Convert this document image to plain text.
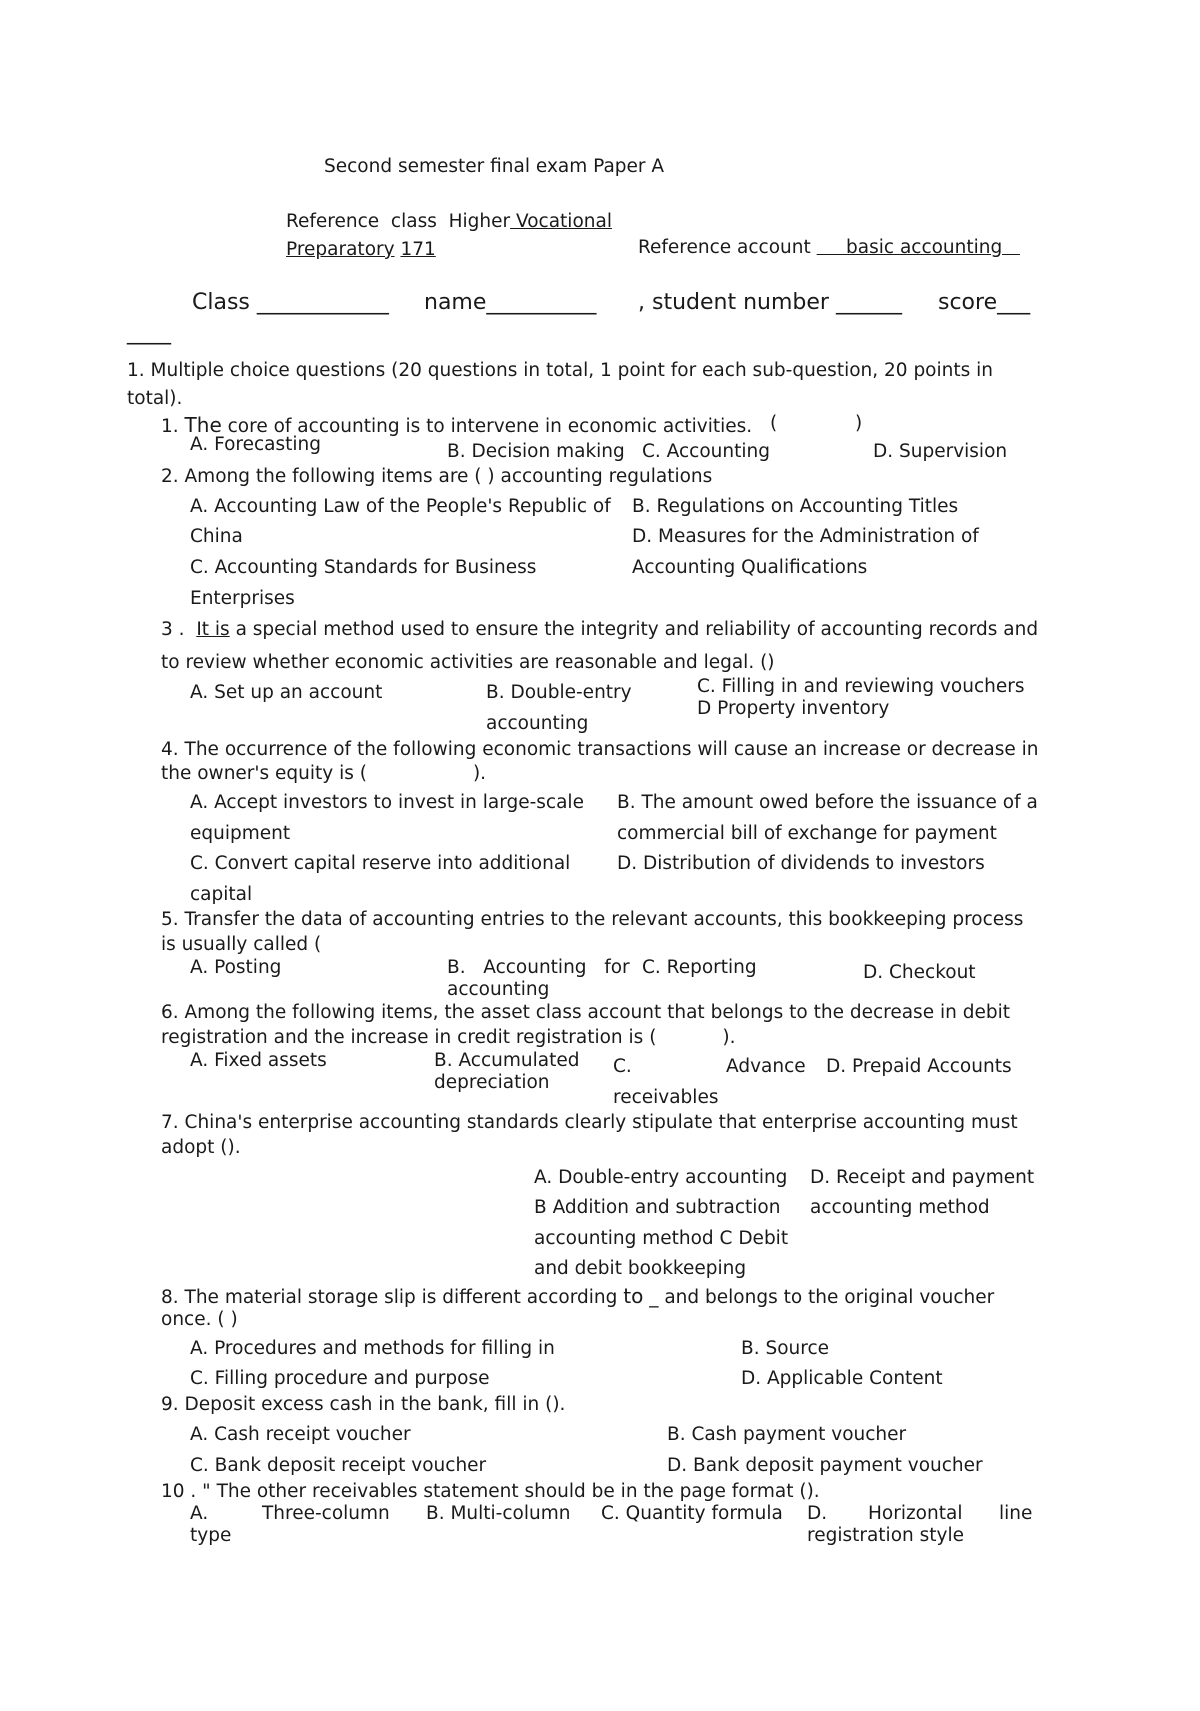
Second semester final exam Paper A
Reference  class  Higher Vocational
Preparatory 171	Reference account      basic accounting
Class ____________ name__________ , student number ______ score___
____
1. Multiple choice questions (20 questions in total, 1 point for each sub-question, 20 points in
total).
1. The core of accounting is to intervene in economic activities. (	)
A. Forecasting	B. Decision making C. Accounting	D. Supervision
2. Among the following items are ( ) accounting regulations
A. Accounting Law of the People's Republic of
China
C. Accounting Standards for Business
Enterprises
B. Regulations on Accounting Titles
D. Measures for the Administration of
Accounting Qualifications
3 . It is a special method used to ensure the integrity and reliability of accounting records and
to review whether economic activities are reasonable and legal. ()
A. Set up an account	B. Double-entry
accounting
C. Filling in and reviewing vouchers
D Property inventory
4. The occurrence of the following economic transactions will cause an increase or decrease in
the owner's equity is (	).
A. Accept investors to invest in large-scale
equipment
C. Convert capital reserve into additional
capital
B. The amount owed before the issuance of a
commercial bill of exchange for payment
D. Distribution of dividends to investors
5. Transfer the data of accounting entries to the relevant accounts, this bookkeeping process
is usually called (
A. Posting	B. Accounting for
accounting
C. Reporting	D. Checkout
6. Among the following items, the asset class account that belongs to the decrease in debit
registration and the increase in credit registration is (	).
A. Fixed assets	B. Accumulated
depreciation
C.	Advance
receivables
D. Prepaid Accounts
7. China's enterprise accounting standards clearly stipulate that enterprise accounting must
adopt ().
A. Double-entry accounting
B Addition and subtraction
accounting method C Debit
and debit bookkeeping
D. Receipt and payment
accounting method
8. The material storage slip is different according to _ and belongs to the original voucher
once. ( )
A. Procedures and methods for filling in
C. Filling procedure and purpose
B. Source
D. Applicable Content
9. Deposit excess cash in the bank, fill in ().
A. Cash receipt voucher
C. Bank deposit receipt voucher
B. Cash payment voucher
D. Bank deposit payment voucher
10 . " The other receivables statement should be in the page format ().
A.	Three-column
type
B. Multi-column C. Quantity formula D. Horizontal line
registration style
